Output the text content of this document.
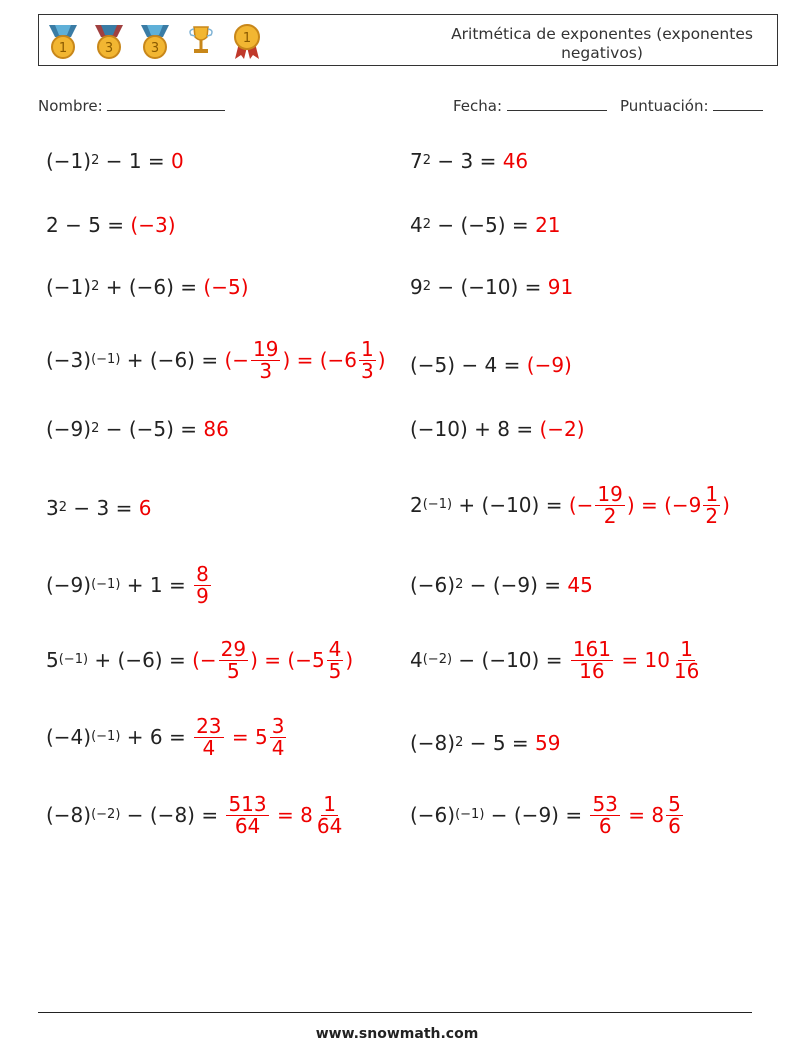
1	3	3
1	Aritmética de exponentes (exponentes negativos)
Nombre:	Fecha:	Puntuación:
(−1) 2 − 1 = 0
2 − 5 = (−3)
(−1) 2 + (−6) = (−5)
(−3) (−1) + (−6) = (− $\frac{19}{3}$ ) = ($-6 \frac{1}{3}$ )
(−9) 2 − (−5) = 86
3 2 − 3 = 6
(−9) $(-1) + 1 = \frac{8}{9}$
5 (−1) + (−6) = (− $\frac{29}{5}$ ) = ($-5 \frac{4}{5}$ )
(−4) $(-1) + 6 = \frac{23}{4} = 5 \frac{3}{4}$
(−8) $(-2) - (-8) = \frac{513}{64} = 8 \frac{1}{64}$
7 2 − 3 = 46
4 2 − (−5) = 21
9 2 − (−10) = 91
(−5) − 4 = (−9)
(−10) + 8 = (−2)
2 (−1) + (−10) = (− $\frac{19}{2}$ ) = ($-9 \frac{1}{2}$ )
(−6) 2 − (−9) = 45
4 $(-2) - (-10) = \frac{161}{16} = 10 \frac{1}{16}$
(−8) 2 − 5 = 59
(−6) $(-1) - (-9) = \frac{53}{6} = 8 \frac{5}{6}$
www.snowmath.com
